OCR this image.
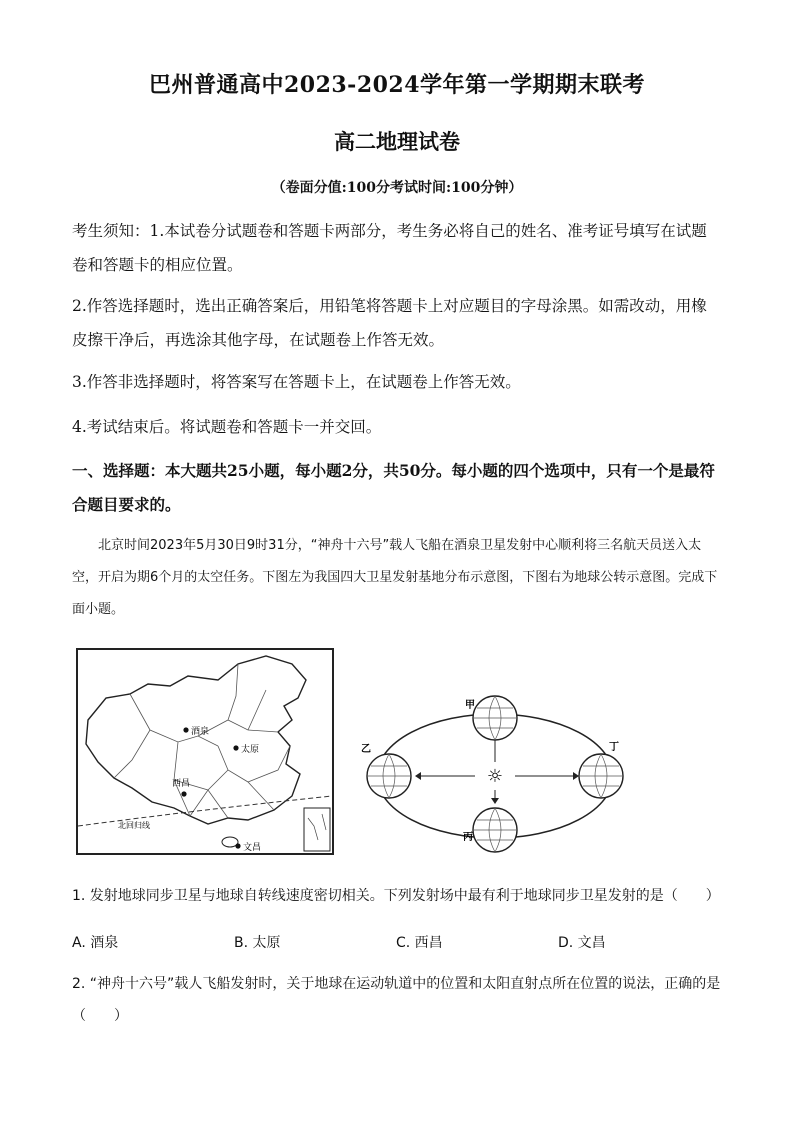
巴州普通高中2023-2024学年第一学期期末联考
高二地理试卷
（卷面分值:100分考试时间:100分钟）
考生须知：1.本试卷分试题卷和答题卡两部分，考生务必将自己的姓名、准考证号填写在试题卷和答题卡的相应位置。
2.作答选择题时，选出正确答案后，用铅笔将答题卡上对应题目的字母涂黑。如需改动，用橡皮擦干净后，再选涂其他字母，在试题卷上作答无效。
3.作答非选择题时，将答案写在答题卡上，在试题卷上作答无效。
4.考试结束后。将试题卷和答题卡一并交回。
一、选择题：本大题共25小题，每小题2分，共50分。每小题的四个选项中，只有一个是最符合题目要求的。
北京时间2023年5月30日9时31分，“神舟十六号”载人飞船在酒泉卫星发射中心顺利将三名航天员送入太空，开启为期6个月的太空任务。下图左为我国四大卫星发射基地分布示意图，下图右为地球公转示意图。完成下面小题。
酒泉
太原
西昌
文昌
北回归线
☼
甲
乙	丁
丙
1. 发射地球同步卫星与地球自转线速度密切相关。下列发射场中最有利于地球同步卫星发射的是（　　）
A. 酒泉	B. 太原	C. 西昌	D. 文昌
2. “神舟十六号”载人飞船发射时，关于地球在运动轨道中的位置和太阳直射点所在位置的说法，正确的是（　　）
